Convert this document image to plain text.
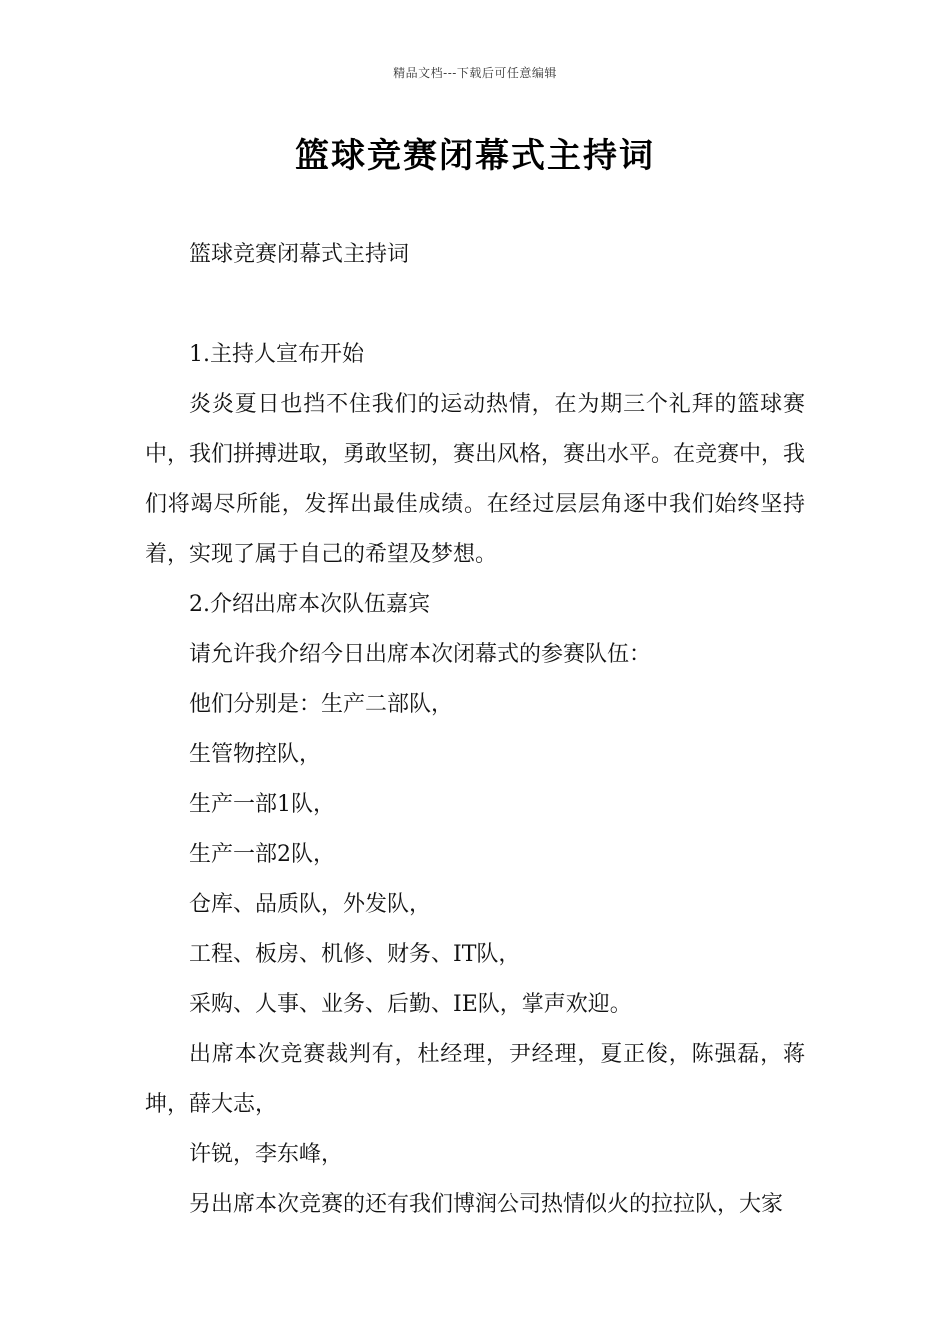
精品文档---下载后可任意编辑
篮球竞赛闭幕式主持词

篮球竞赛闭幕式主持词

1.主持人宣布开始

炎炎夏日也挡不住我们的运动热情，在为期三个礼拜的篮球赛中，我们拼搏进取，勇敢坚韧，赛出风格，赛出水平。在竞赛中，我们将竭尽所能，发挥出最佳成绩。在经过层层角逐中我们始终坚持着，实现了属于自己的希望及梦想。

2.介绍出席本次队伍嘉宾

请允许我介绍今日出席本次闭幕式的参赛队伍：

他们分别是：生产二部队，

生管物控队，

生产一部1队，

生产一部2队，

仓库、品质队，外发队，

工程、板房、机修、财务、IT队，

采购、人事、业务、后勤、IE队，掌声欢迎。

出席本次竞赛裁判有，杜经理，尹经理，夏正俊，陈强磊，蒋坤，薛大志，

许锐，李东峰，

另出席本次竞赛的还有我们博润公司热情似火的拉拉队，大家
